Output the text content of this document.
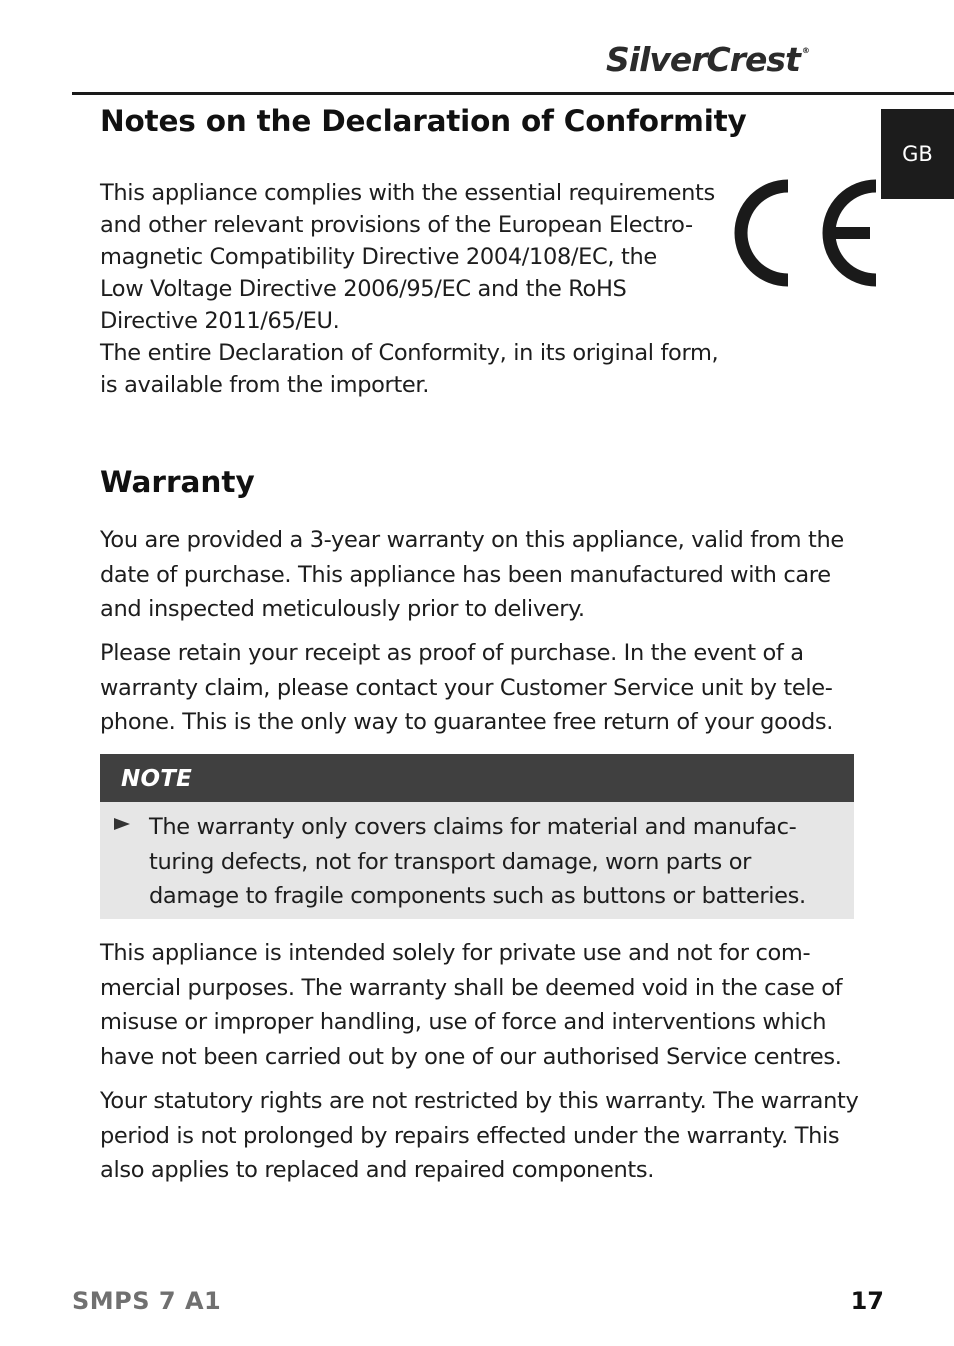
SilverCrest ®
GB
Notes on the Declaration of Conformity
This appliance complies with the essential requirements
and other relevant provisions of the European Electro-
magnetic Compatibility Directive 2004/108/EC, the
Low Voltage Directive 2006/95/EC and the RoHS
Directive 2011/65/EU.
The entire Declaration of Conformity, in its original form,
is available from the importer.
Warranty
You are provided a 3-year warranty on this appliance, valid from the
date of purchase. This appliance has been manufactured with care
and inspected meticulously prior to delivery.
Please retain your receipt as proof of purchase. In the event of a
warranty claim, please contact your Customer Service unit by tele-
phone. This is the only way to guarantee free return of your goods.
NOTE
The warranty only covers claims for material and manufac-
turing defects, not for transport damage, worn parts or
damage to fragile components such as buttons or batteries.
This appliance is intended solely for private use and not for com-
mercial purposes. The warranty shall be deemed void in the case of
misuse or improper handling, use of force and interventions which
have not been carried out by one of our authorised Service centres.
Your statutory rights are not restricted by this warranty. The warranty
period is not prolonged by repairs effected under the warranty. This
also applies to replaced and repaired components.
SMPS 7 A1	17
